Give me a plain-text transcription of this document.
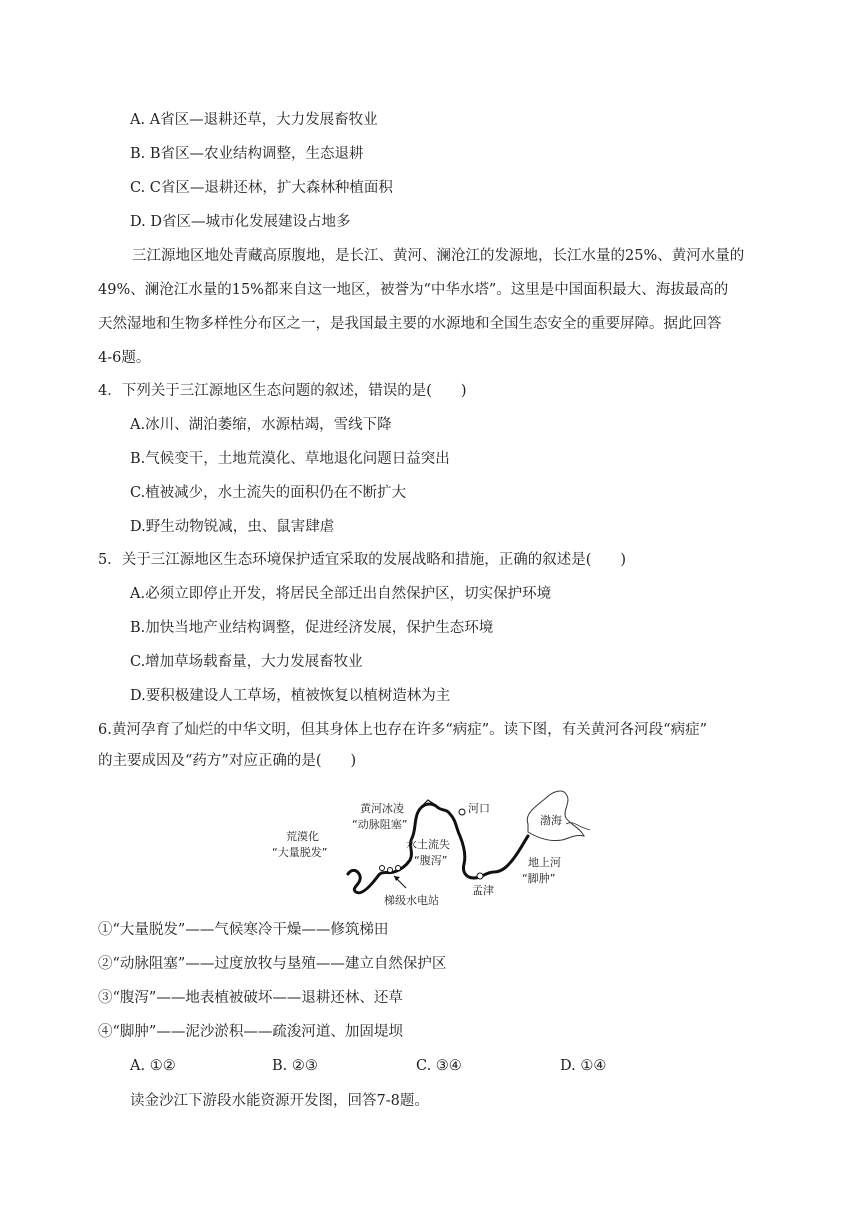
A. A省区—退耕还草，大力发展畜牧业
B. B省区—农业结构调整，生态退耕
C. C省区—退耕还林，扩大森林种植面积
D. D省区—城市化发展建设占地多
三江源地区地处青藏高原腹地，是长江、黄河、澜沧江的发源地，长江水量的25%、黄河水量的
49%、澜沧江水量的15%都来自这一地区，被誉为“中华水塔”。这里是中国面积最大、海拔最高的
天然湿地和生物多样性分布区之一，是我国最主要的水源地和全国生态安全的重要屏障。据此回答
4-6题。
4．下列关于三江源地区生态问题的叙述，错误的是(　　)
A.冰川、湖泊萎缩，水源枯竭，雪线下降
B.气候变干，土地荒漠化、草地退化问题日益突出
C.植被减少，水土流失的面积仍在不断扩大
D.野生动物锐减，虫、鼠害肆虐
5．关于三江源地区生态环境保护适宜采取的发展战略和措施，正确的叙述是(　　)
A.必须立即停止开发，将居民全部迁出自然保护区，切实保护环境
B.加快当地产业结构调整，促进经济发展，保护生态环境
C.增加草场载畜量，大力发展畜牧业
D.要积极建设人工草场，植被恢复以植树造林为主
6.黄河孕育了灿烂的中华文明，但其身体上也存在许多“病症”。读下图，有关黄河各河段“病症”
的主要成因及“药方”对应正确的是(　　)
荒漠化
“大量脱发”
黄河冰凌
“动脉阻塞”
河口
水土流失
“腹泻”
梯级水电站
孟津
渤海
地上河
“脚肿”
①“大量脱发”——气候寒冷干燥——修筑梯田
②“动脉阻塞”——过度放牧与垦殖——建立自然保护区
③“腹泻”——地表植被破坏——退耕还林、还草
④“脚肿”——泥沙淤积——疏浚河道、加固堤坝
A. ①②	B. ②③	C. ③④	D. ①④
读金沙江下游段水能资源开发图，回答7-8题。
